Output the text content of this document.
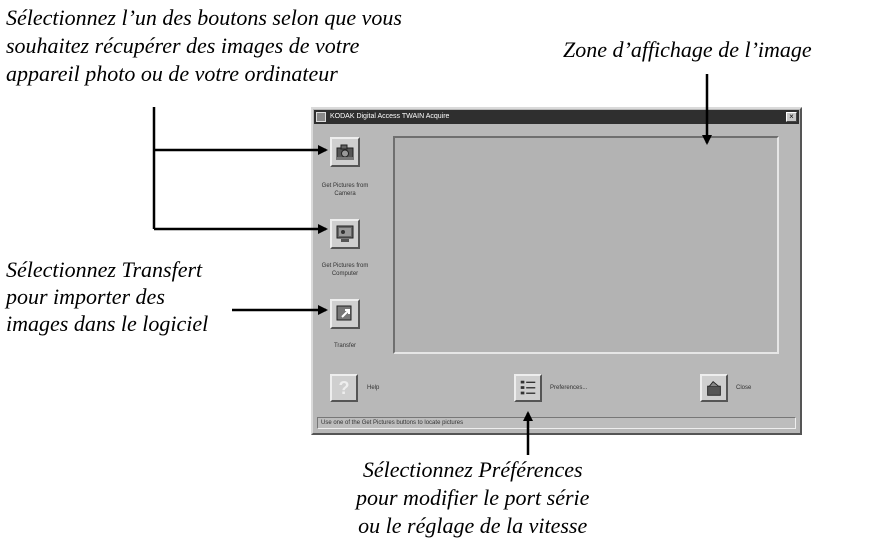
Sélectionnez l’un des boutons selon que vous
souhaitez récupérer des images de votre
appareil photo ou de votre ordinateur
Zone d’affichage de l’image
Sélectionnez Transfert
pour importer des
images dans le logiciel
Sélectionnez Préférences
pour modifier le port série
ou le réglage de la vitesse
KODAK Digital Access TWAIN Acquire	×
Get Pictures from Camera
Get Pictures from Computer
Transfer
?	Help	Preferences...	Close
Use one of the Get Pictures buttons to locate pictures
